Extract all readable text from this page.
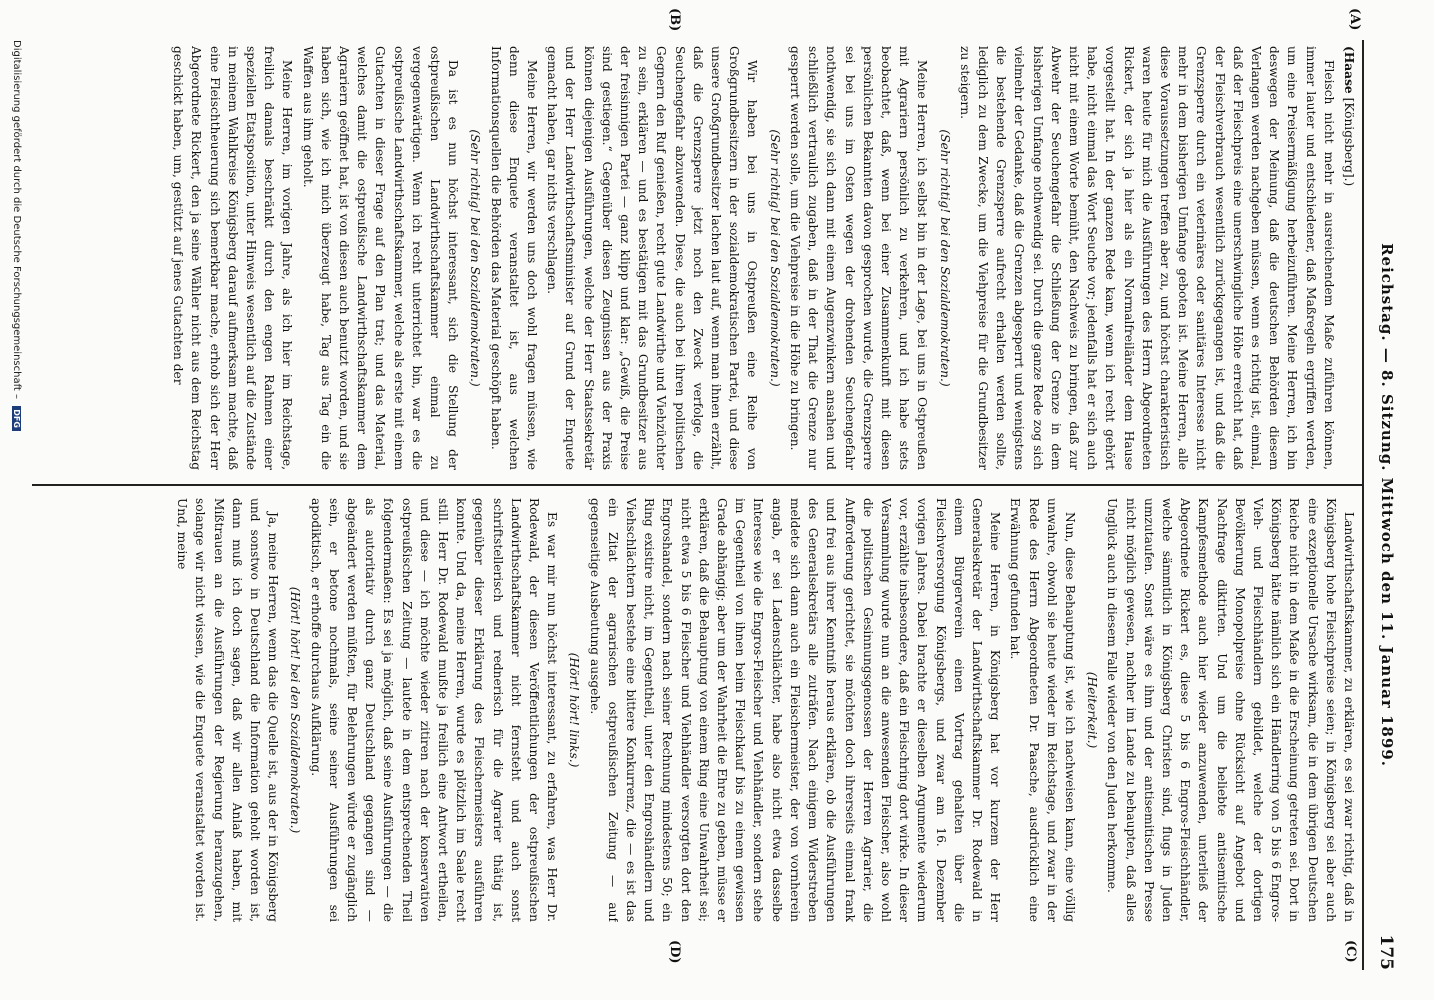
Reichstag. — 8. Sitzung. Mittwoch den 11. Januar 1899.
175
(A)
(B)
(C)
(D)

(Haase [Königsberg].)

Fleisch nicht mehr in ausreichendem Maße zuführen können, immer lauter und entschiedener, daß Maßregeln ergriffen werden, um eine Preisermäßigung herbeizuführen. Meine Herren, ich bin deswegen der Meinung, daß die deutschen Behörden diesem Verlangen werden nachgeben müssen, wenn es richtig ist, einmal, daß der Fleischpreis eine unerschwingliche Höhe erreicht hat, daß der Fleischverbrauch wesentlich zurückgegangen ist, und daß die Grenzsperre durch ein veterinäres oder sanitäres Interesse nicht mehr in dem bisherigen Umfange geboten ist. Meine Herren, alle diese Voraussetzungen treffen aber zu, und höchst charakteristisch waren heute für mich die Ausführungen des Herrn Abgeordneten Rickert, der sich ja hier als ein Normalfreiländer dem Hause vorgestellt hat. In der ganzen Rede kam, wenn ich recht gehört habe, nicht einmal das Wort Seuche vor; jedenfalls hat er sich auch nicht mit einem Worte bemüht, den Nachweis zu bringen, daß zur Abwehr der Seuchengefahr die Schließung der Grenze in dem bisherigen Umfange nothwendig sei. Durch die ganze Rede zog sich vielmehr der Gedanke, daß die Grenzen abgesperrt und wenigstens die bestehende Grenzsperre aufrecht erhalten werden sollte, lediglich zu dem Zwecke, um die Viehpreise für die Grundbesitzer zu steigern.

(Sehr richtig! bei den Sozialdemokraten.)

Meine Herren, ich selbst bin in der Lage, bei uns in Ostpreußen mit Agrariern persönlich zu verkehren, und ich habe stets beobachtet, daß, wenn bei einer Zusammenkunft mit diesen persönlichen Bekannten davon gesprochen wurde, die Grenzsperre sei bei uns im Osten wegen der drohenden Seuchengefahr nothwendig, sie sich dann mit einem Augenzwinkern ansahen und schließlich vertraulich zugaben, daß in der That die Grenze nur gesperrt werden solle, um die Viehpreise in die Höhe zu bringen.

(Sehr richtig! bei den Sozialdemokraten.)

Wir haben bei uns in Ostpreußen eine Reihe von Großgrundbesitzern in der sozialdemokratischen Partei, und diese unsere Großgrundbesitzer lachen laut auf, wenn man ihnen erzählt, daß die Grenzsperre jetzt noch den Zweck verfolge, die Seuchengefahr abzuwenden. Diese, die auch bei ihren politischen Gegnern den Ruf genießen, recht gute Landwirthe und Viehzüchter zu sein, erklären — und es bestätigen mit das Grundbesitzer aus der freisinnigen Partei — ganz klipp und klar: „Gewiß, die Preise sind gestiegen.“ Gegenüber diesen Zeugnissen aus der Praxis können diejenigen Ausführungen, welche der Herr Staatssekretär und der Herr Landwirthschaftsminister auf Grund der Enquete gemacht haben, gar nichts verschlagen.

Meine Herren, wir werden uns doch wohl fragen müssen, wie denn diese Enquete veranstaltet ist, aus welchen Informationsquellen die Behörden das Material geschöpft haben.

(Sehr richtig! bei den Sozialdemokraten.)

Da ist es nun höchst interessant, sich die Stellung der ostpreußischen Landwirthschaftskammer einmal zu vergegenwärtigen. Wenn ich recht unterrichtet bin, war es die ostpreußische Landwirthschaftskammer, welche als erste mit einem Gutachten in dieser Frage auf den Plan trat; und das Material, welches damit die ostpreußische Landwirthschaftskammer dem Agrariern geöffnet hat, ist von diesen auch benutzt worden, und sie haben sich, wie ich mich überzeugt habe, Tag aus Tag ein die Waffen aus ihm geholt.

Meine Herren, im vorigen Jahre, als ich hier im Reichstage, freilich damals beschränkt durch den engen Rahmen einer speziellen Etatsposition, unter Hinweis wesentlich auf die Zustände in meinem Wahlkreise Königsberg darauf aufmerksam machte, daß eine Fleischtheuerung sich bemerkbar mache, erhob sich der Herr Abgeordnete Rickert, den ja seine Wähler nicht aus dem Reichstag geschickt haben, um, gestützt auf jenes Gutachten der

Landwirthschaftskammer, zu erklären, es sei zwar richtig, daß in Königsberg hohe Fleischpreise seien; in Königsberg sei aber auch eine exzeptionelle Ursache wirksam, die in dem übrigen Deutschen Reiche nicht in dem Maße in die Erscheinung getreten sei. Dort in Königsberg hätte nämlich sich ein Händlerring von 5 bis 6 Engros-Vieh- und Fleischhändlern gebildet, welche der dortigen Bevölkerung Monopolpreise ohne Rücksicht auf Angebot und Nachfrage diktirten. Und um die beliebte antisemitische Kampfesmethode auch hier wieder anzuwenden, unterließ der Abgeordnete Rickert es, diese 5 bis 6 Engros-Fleischhändler, welche sämmtlich in Königsberg Christen sind, flugs in Juden umzutaufen. Sonst wäre es ihm und der antisemitischen Presse nicht möglich gewesen, nachher im Lande zu behaupten, daß alles Unglück auch in diesem Falle wieder von den Juden herkomme.

(Heiterkeit.)

Nun, diese Behauptung ist, wie ich nachweisen kann, eine völlig unwahre, obwohl sie heute wieder im Reichstage, und zwar in der Rede des Herrn Abgeordneten Dr. Paasche, ausdrücklich eine Erwähnung gefunden hat.

Meine Herren, in Königsberg hat vor kurzem der Herr Generalsekretär der Landwirthschaftskammer Dr. Rodewald in einem Bürgerverein einen Vortrag gehalten über die Fleischversorgung Königsbergs, und zwar am 16. Dezember vorigen Jahres. Dabei brachte er dieselben Argumente wiederum vor, erzählte insbesondere, daß ein Fleischring dort wirke. In dieser Versammlung wurde nun an die anwesenden Fleischer, also wohl die politischen Gesinnungsgenossen der Herren Agrarier, die Aufforderung gerichtet, sie möchten doch ihrerseits einmal frank und frei aus ihrer Kenntniß heraus erklären, ob die Ausführungen des Generalsekretärs alle zuträfen. Nach einigem Widerstreben meldete sich dann auch ein Fleischermeister, der von vornherein angab, er sei Ladenschlächter, habe also nicht etwa dasselbe Interesse wie die Engros-Fleischer und Viehhändler, sondern stehe im Gegentheil von ihnen beim Fleischkauf bis zu einem gewissen Grade abhängig; aber um der Wahrheit die Ehre zu geben, müsse er erklären, daß die Behauptung von einem Ring eine Unwahrheit sei; nicht etwa 5 bis 6 Fleischer und Viehhändler versorgten dort den Engroshandel, sondern nach seiner Rechnung mindestens 50; ein Ring existire nicht, im Gegentheil, unter den Engroshändlern und Viehschlächtern bestehe eine bittere Konkurrenz, die — es ist das ein Zitat der agrarischen ostpreußischen Zeitung — auf gegenseitige Ausbeutung ausgehe.

(Hört! hört! links.)

Es war mir nun höchst interessant, zu erfahren, was Herr Dr. Rodewald, der diesen Veröffentlichungen der ostpreußischen Landwirthschaftskammer nicht fernsteht und auch sonst schriftstellerisch und rednerisch für die Agrarier thätig ist, gegenüber dieser Erklärung des Fleischermeisters ausführen konnte. Und da, meine Herren, wurde es plötzlich im Saale recht still. Herr Dr. Rodewald mußte ja freilich eine Antwort ertheilen, und diese — ich möchte wieder zitiren nach der konservativen ostpreußischen Zeitung — lautete in dem entsprechenden Theil folgendermaßen: Es sei ja möglich, daß seine Ausführungen — die als autoritativ durch ganz Deutschland gegangen sind — abgeändert werden müßten, für Belehrungen würde er zugänglich sein, er betone nochmals, seine seiner Ausführungen sei apodiktisch, er erhoffe durchaus Aufklärung.

(Hört! hört! bei den Sozialdemokraten.)

Ja, meine Herren, wenn das die Quelle ist, aus der in Königsberg und sonstwo in Deutschland die Information geholt worden ist, dann muß ich doch sagen, daß wir allen Anlaß haben, mit Mißtrauen an die Ausführungen der Regierung heranzugehen, solange wir nicht wissen, wie die Enquete veranstaltet worden ist. Und, meine

Digitalisierung gefördert durch die Deutsche Forschungsgemeinschaft – DFG
